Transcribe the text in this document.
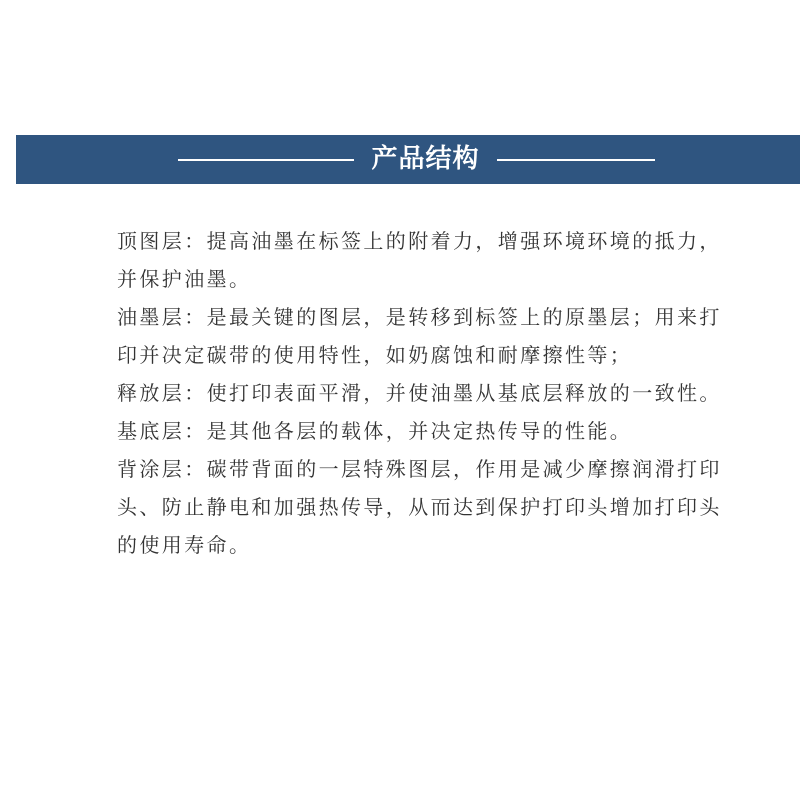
产品结构

顶图层：提高油墨在标签上的附着力，增强环境环境的抵力，并保护油墨。

油墨层：是最关键的图层，是转移到标签上的原墨层；用来打印并决定碳带的使用特性，如奶腐蚀和耐摩擦性等；

释放层：使打印表面平滑，并使油墨从基底层释放的一致性。

基底层：是其他各层的载体，并决定热传导的性能。

背涂层：碳带背面的一层特殊图层，作用是减少摩擦润滑打印头、防止静电和加强热传导，从而达到保护打印头增加打印头的使用寿命。
